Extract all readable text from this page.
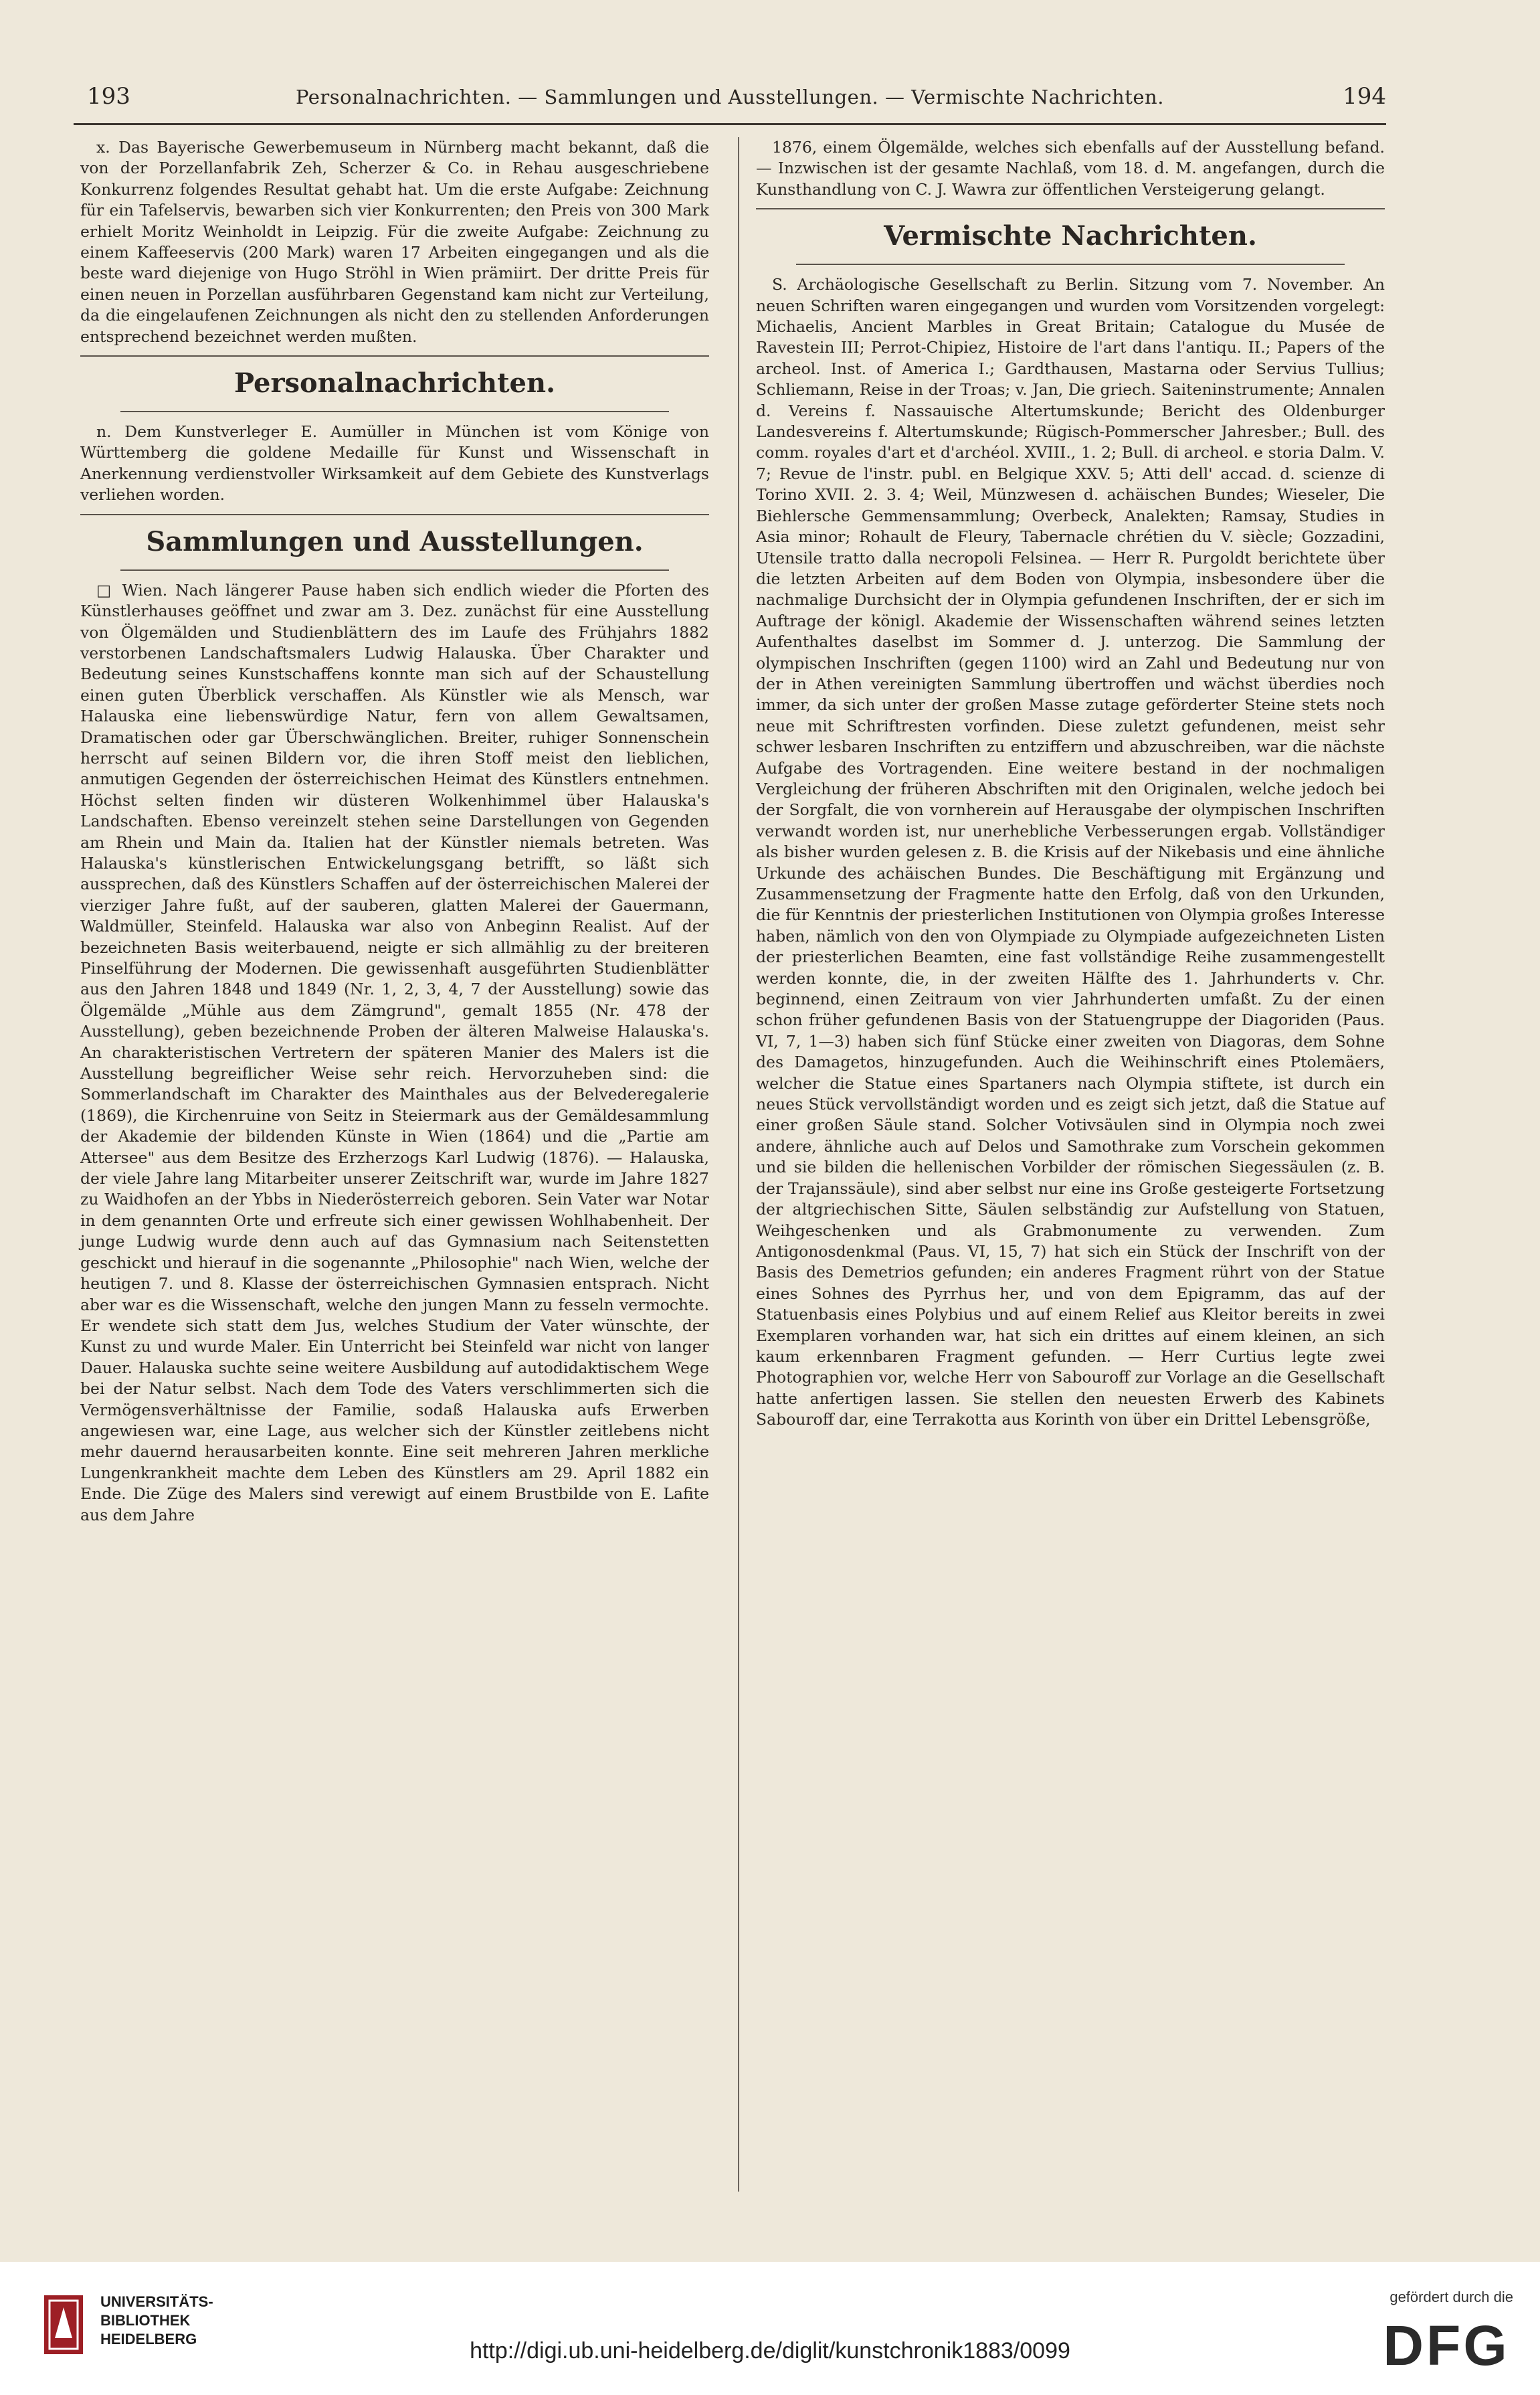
193	Personalnachrichten. — Sammlungen und Ausstellungen. — Vermischte Nachrichten.	194

x. Das Bayerische Gewerbemuseum in Nürnberg macht bekannt, daß die von der Porzellanfabrik Zeh, Scherzer & Co. in Rehau ausgeschriebene Konkurrenz folgendes Resultat gehabt hat. Um die erste Aufgabe: Zeichnung für ein Tafelservis, bewarben sich vier Konkurrenten; den Preis von 300 Mark erhielt Moritz Weinholdt in Leipzig. Für die zweite Aufgabe: Zeichnung zu einem Kaffeeservis (200 Mark) waren 17 Arbeiten eingegangen und als die beste ward diejenige von Hugo Ströhl in Wien prämiirt. Der dritte Preis für einen neuen in Porzellan ausführbaren Gegenstand kam nicht zur Verteilung, da die eingelaufenen Zeichnungen als nicht den zu stellenden Anforderungen entsprechend bezeichnet werden mußten.

Personalnachrichten.

n. Dem Kunstverleger E. Aumüller in München ist vom Könige von Württemberg die goldene Medaille für Kunst und Wissenschaft in Anerkennung verdienstvoller Wirksamkeit auf dem Gebiete des Kunstverlags verliehen worden.

Sammlungen und Ausstellungen.

□ Wien. Nach längerer Pause haben sich endlich wieder die Pforten des Künstlerhauses geöffnet und zwar am 3. Dez. zunächst für eine Ausstellung von Ölgemälden und Studienblättern des im Laufe des Frühjahrs 1882 verstorbenen Landschaftsmalers Ludwig Halauska. Über Charakter und Bedeutung seines Kunstschaffens konnte man sich auf der Schaustellung einen guten Überblick verschaffen. Als Künstler wie als Mensch, war Halauska eine liebenswürdige Natur, fern von allem Gewaltsamen, Dramatischen oder gar Überschwänglichen. Breiter, ruhiger Sonnenschein herrscht auf seinen Bildern vor, die ihren Stoff meist den lieblichen, anmutigen Gegenden der österreichischen Heimat des Künstlers entnehmen. Höchst selten finden wir düsteren Wolkenhimmel über Halauska's Landschaften. Ebenso vereinzelt stehen seine Darstellungen von Gegenden am Rhein und Main da. Italien hat der Künstler niemals betreten. Was Halauska's künstlerischen Entwickelungsgang betrifft, so läßt sich aussprechen, daß des Künstlers Schaffen auf der österreichischen Malerei der vierziger Jahre fußt, auf der sauberen, glatten Malerei der Gauermann, Waldmüller, Steinfeld. Halauska war also von Anbeginn Realist. Auf der bezeichneten Basis weiterbauend, neigte er sich allmählig zu der breiteren Pinselführung der Modernen. Die gewissenhaft ausgeführten Studienblätter aus den Jahren 1848 und 1849 (Nr. 1, 2, 3, 4, 7 der Ausstellung) sowie das Ölgemälde „Mühle aus dem Zämgrund", gemalt 1855 (Nr. 478 der Ausstellung), geben bezeichnende Proben der älteren Malweise Halauska's. An charakteristischen Vertretern der späteren Manier des Malers ist die Ausstellung begreiflicher Weise sehr reich. Hervorzuheben sind: die Sommerlandschaft im Charakter des Mainthales aus der Belvederegalerie (1869), die Kirchenruine von Seitz in Steiermark aus der Gemäldesammlung der Akademie der bildenden Künste in Wien (1864) und die „Partie am Attersee" aus dem Besitze des Erzherzogs Karl Ludwig (1876). — Halauska, der viele Jahre lang Mitarbeiter unserer Zeitschrift war, wurde im Jahre 1827 zu Waidhofen an der Ybbs in Niederösterreich geboren. Sein Vater war Notar in dem genannten Orte und erfreute sich einer gewissen Wohlhabenheit. Der junge Ludwig wurde denn auch auf das Gymnasium nach Seitenstetten geschickt und hierauf in die sogenannte „Philosophie" nach Wien, welche der heutigen 7. und 8. Klasse der österreichischen Gymnasien entsprach. Nicht aber war es die Wissenschaft, welche den jungen Mann zu fesseln vermochte. Er wendete sich statt dem Jus, welches Studium der Vater wünschte, der Kunst zu und wurde Maler. Ein Unterricht bei Steinfeld war nicht von langer Dauer. Halauska suchte seine weitere Ausbildung auf autodidaktischem Wege bei der Natur selbst. Nach dem Tode des Vaters verschlimmerten sich die Vermögensverhältnisse der Familie, sodaß Halauska aufs Erwerben angewiesen war, eine Lage, aus welcher sich der Künstler zeitlebens nicht mehr dauernd herausarbeiten konnte. Eine seit mehreren Jahren merkliche Lungenkrankheit machte dem Leben des Künstlers am 29. April 1882 ein Ende. Die Züge des Malers sind verewigt auf einem Brustbilde von E. Lafite aus dem Jahre

1876, einem Ölgemälde, welches sich ebenfalls auf der Ausstellung befand. — Inzwischen ist der gesamte Nachlaß, vom 18. d. M. angefangen, durch die Kunsthandlung von C. J. Wawra zur öffentlichen Versteigerung gelangt.

Vermischte Nachrichten.

S. Archäologische Gesellschaft zu Berlin. Sitzung vom 7. November. An neuen Schriften waren eingegangen und wurden vom Vorsitzenden vorgelegt: Michaelis, Ancient Marbles in Great Britain; Catalogue du Musée de Ravestein III; Perrot-Chipiez, Histoire de l'art dans l'antiqu. II.; Papers of the archeol. Inst. of America I.; Gardthausen, Mastarna oder Servius Tullius; Schliemann, Reise in der Troas; v. Jan, Die griech. Saiteninstrumente; Annalen d. Vereins f. Nassauische Altertumskunde; Bericht des Oldenburger Landesvereins f. Altertumskunde; Rügisch-Pommerscher Jahresber.; Bull. des comm. royales d'art et d'archéol. XVIII., 1. 2; Bull. di archeol. e storia Dalm. V. 7; Revue de l'instr. publ. en Belgique XXV. 5; Atti dell' accad. d. scienze di Torino XVII. 2. 3. 4; Weil, Münzwesen d. achäischen Bundes; Wieseler, Die Biehlersche Gemmensammlung; Overbeck, Analekten; Ramsay, Studies in Asia minor; Rohault de Fleury, Tabernacle chrétien du V. siècle; Gozzadini, Utensile tratto dalla necropoli Felsinea. — Herr R. Purgoldt berichtete über die letzten Arbeiten auf dem Boden von Olympia, insbesondere über die nachmalige Durchsicht der in Olympia gefundenen Inschriften, der er sich im Auftrage der königl. Akademie der Wissenschaften während seines letzten Aufenthaltes daselbst im Sommer d. J. unterzog. Die Sammlung der olympischen Inschriften (gegen 1100) wird an Zahl und Bedeutung nur von der in Athen vereinigten Sammlung übertroffen und wächst überdies noch immer, da sich unter der großen Masse zutage geförderter Steine stets noch neue mit Schriftresten vorfinden. Diese zuletzt gefundenen, meist sehr schwer lesbaren Inschriften zu entziffern und abzuschreiben, war die nächste Aufgabe des Vortragenden. Eine weitere bestand in der nochmaligen Vergleichung der früheren Abschriften mit den Originalen, welche jedoch bei der Sorgfalt, die von vornherein auf Herausgabe der olympischen Inschriften verwandt worden ist, nur unerhebliche Verbesserungen ergab. Vollständiger als bisher wurden gelesen z. B. die Krisis auf der Nikebasis und eine ähnliche Urkunde des achäischen Bundes. Die Beschäftigung mit Ergänzung und Zusammensetzung der Fragmente hatte den Erfolg, daß von den Urkunden, die für Kenntnis der priesterlichen Institutionen von Olympia großes Interesse haben, nämlich von den von Olympiade zu Olympiade aufgezeichneten Listen der priesterlichen Beamten, eine fast vollständige Reihe zusammengestellt werden konnte, die, in der zweiten Hälfte des 1. Jahrhunderts v. Chr. beginnend, einen Zeitraum von vier Jahrhunderten umfaßt. Zu der einen schon früher gefundenen Basis von der Statuengruppe der Diagoriden (Paus. VI, 7, 1—3) haben sich fünf Stücke einer zweiten von Diagoras, dem Sohne des Damagetos, hinzugefunden. Auch die Weihinschrift eines Ptolemäers, welcher die Statue eines Spartaners nach Olympia stiftete, ist durch ein neues Stück vervollständigt worden und es zeigt sich jetzt, daß die Statue auf einer großen Säule stand. Solcher Votivsäulen sind in Olympia noch zwei andere, ähnliche auch auf Delos und Samothrake zum Vorschein gekommen und sie bilden die hellenischen Vorbilder der römischen Siegessäulen (z. B. der Trajanssäule), sind aber selbst nur eine ins Große gesteigerte Fortsetzung der altgriechischen Sitte, Säulen selbständig zur Aufstellung von Statuen, Weihgeschenken und als Grabmonumente zu verwenden. Zum Antigonosdenkmal (Paus. VI, 15, 7) hat sich ein Stück der Inschrift von der Basis des Demetrios gefunden; ein anderes Fragment rührt von der Statue eines Sohnes des Pyrrhus her, und von dem Epigramm, das auf der Statuenbasis eines Polybius und auf einem Relief aus Kleitor bereits in zwei Exemplaren vorhanden war, hat sich ein drittes auf einem kleinen, an sich kaum erkennbaren Fragment gefunden. — Herr Curtius legte zwei Photographien vor, welche Herr von Sabouroff zur Vorlage an die Gesellschaft hatte anfertigen lassen. Sie stellen den neuesten Erwerb des Kabinets Sabouroff dar, eine Terrakotta aus Korinth von über ein Drittel Lebensgröße,

UNIVERSITÄTS-
BIBLIOTHEK
HEIDELBERG	http://digi.ub.uni-heidelberg.de/diglit/kunstchronik1883/0099
gefördert durch die
DFG
